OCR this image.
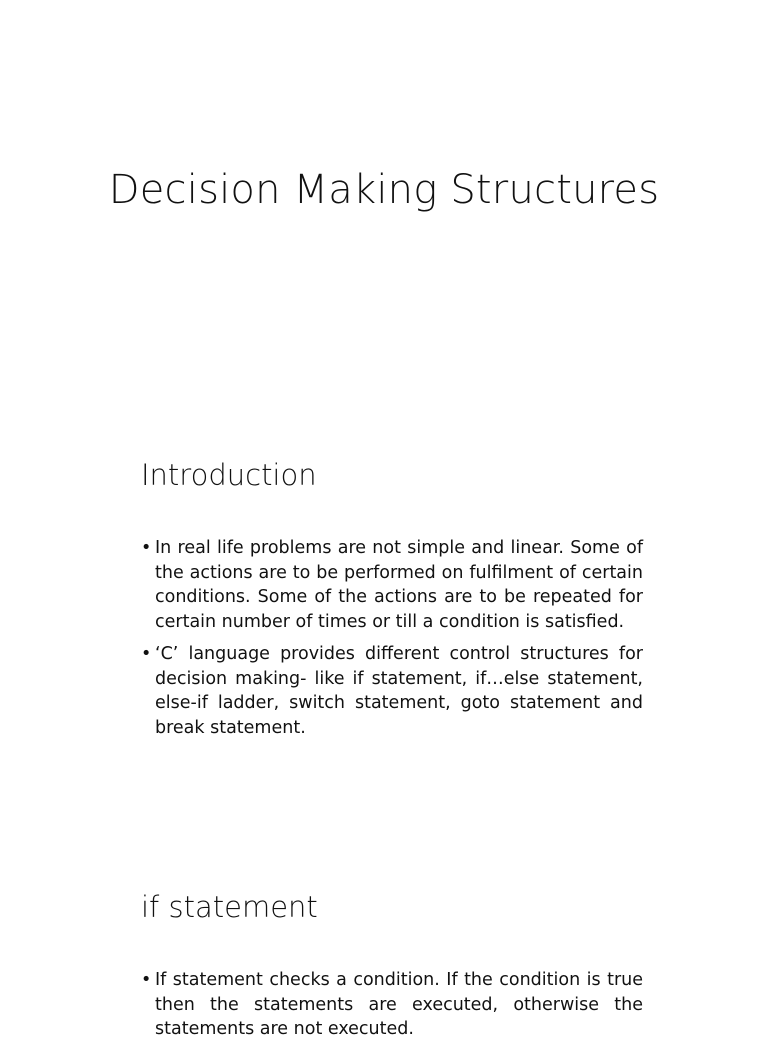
Decision Making Structures
Introduction
• In real life problems are not simple and linear. Some of the actions are to be performed on fulfilment of certain conditions. Some of the actions are to be repeated for certain number of times or till a condition is satisfied.
• ‘C’ language provides different control structures for decision making- like if statement, if…else statement, else-if ladder, switch statement, goto statement and break statement.
if statement
• If statement checks a condition. If the condition is true then the statements are executed, otherwise the statements are not executed.
